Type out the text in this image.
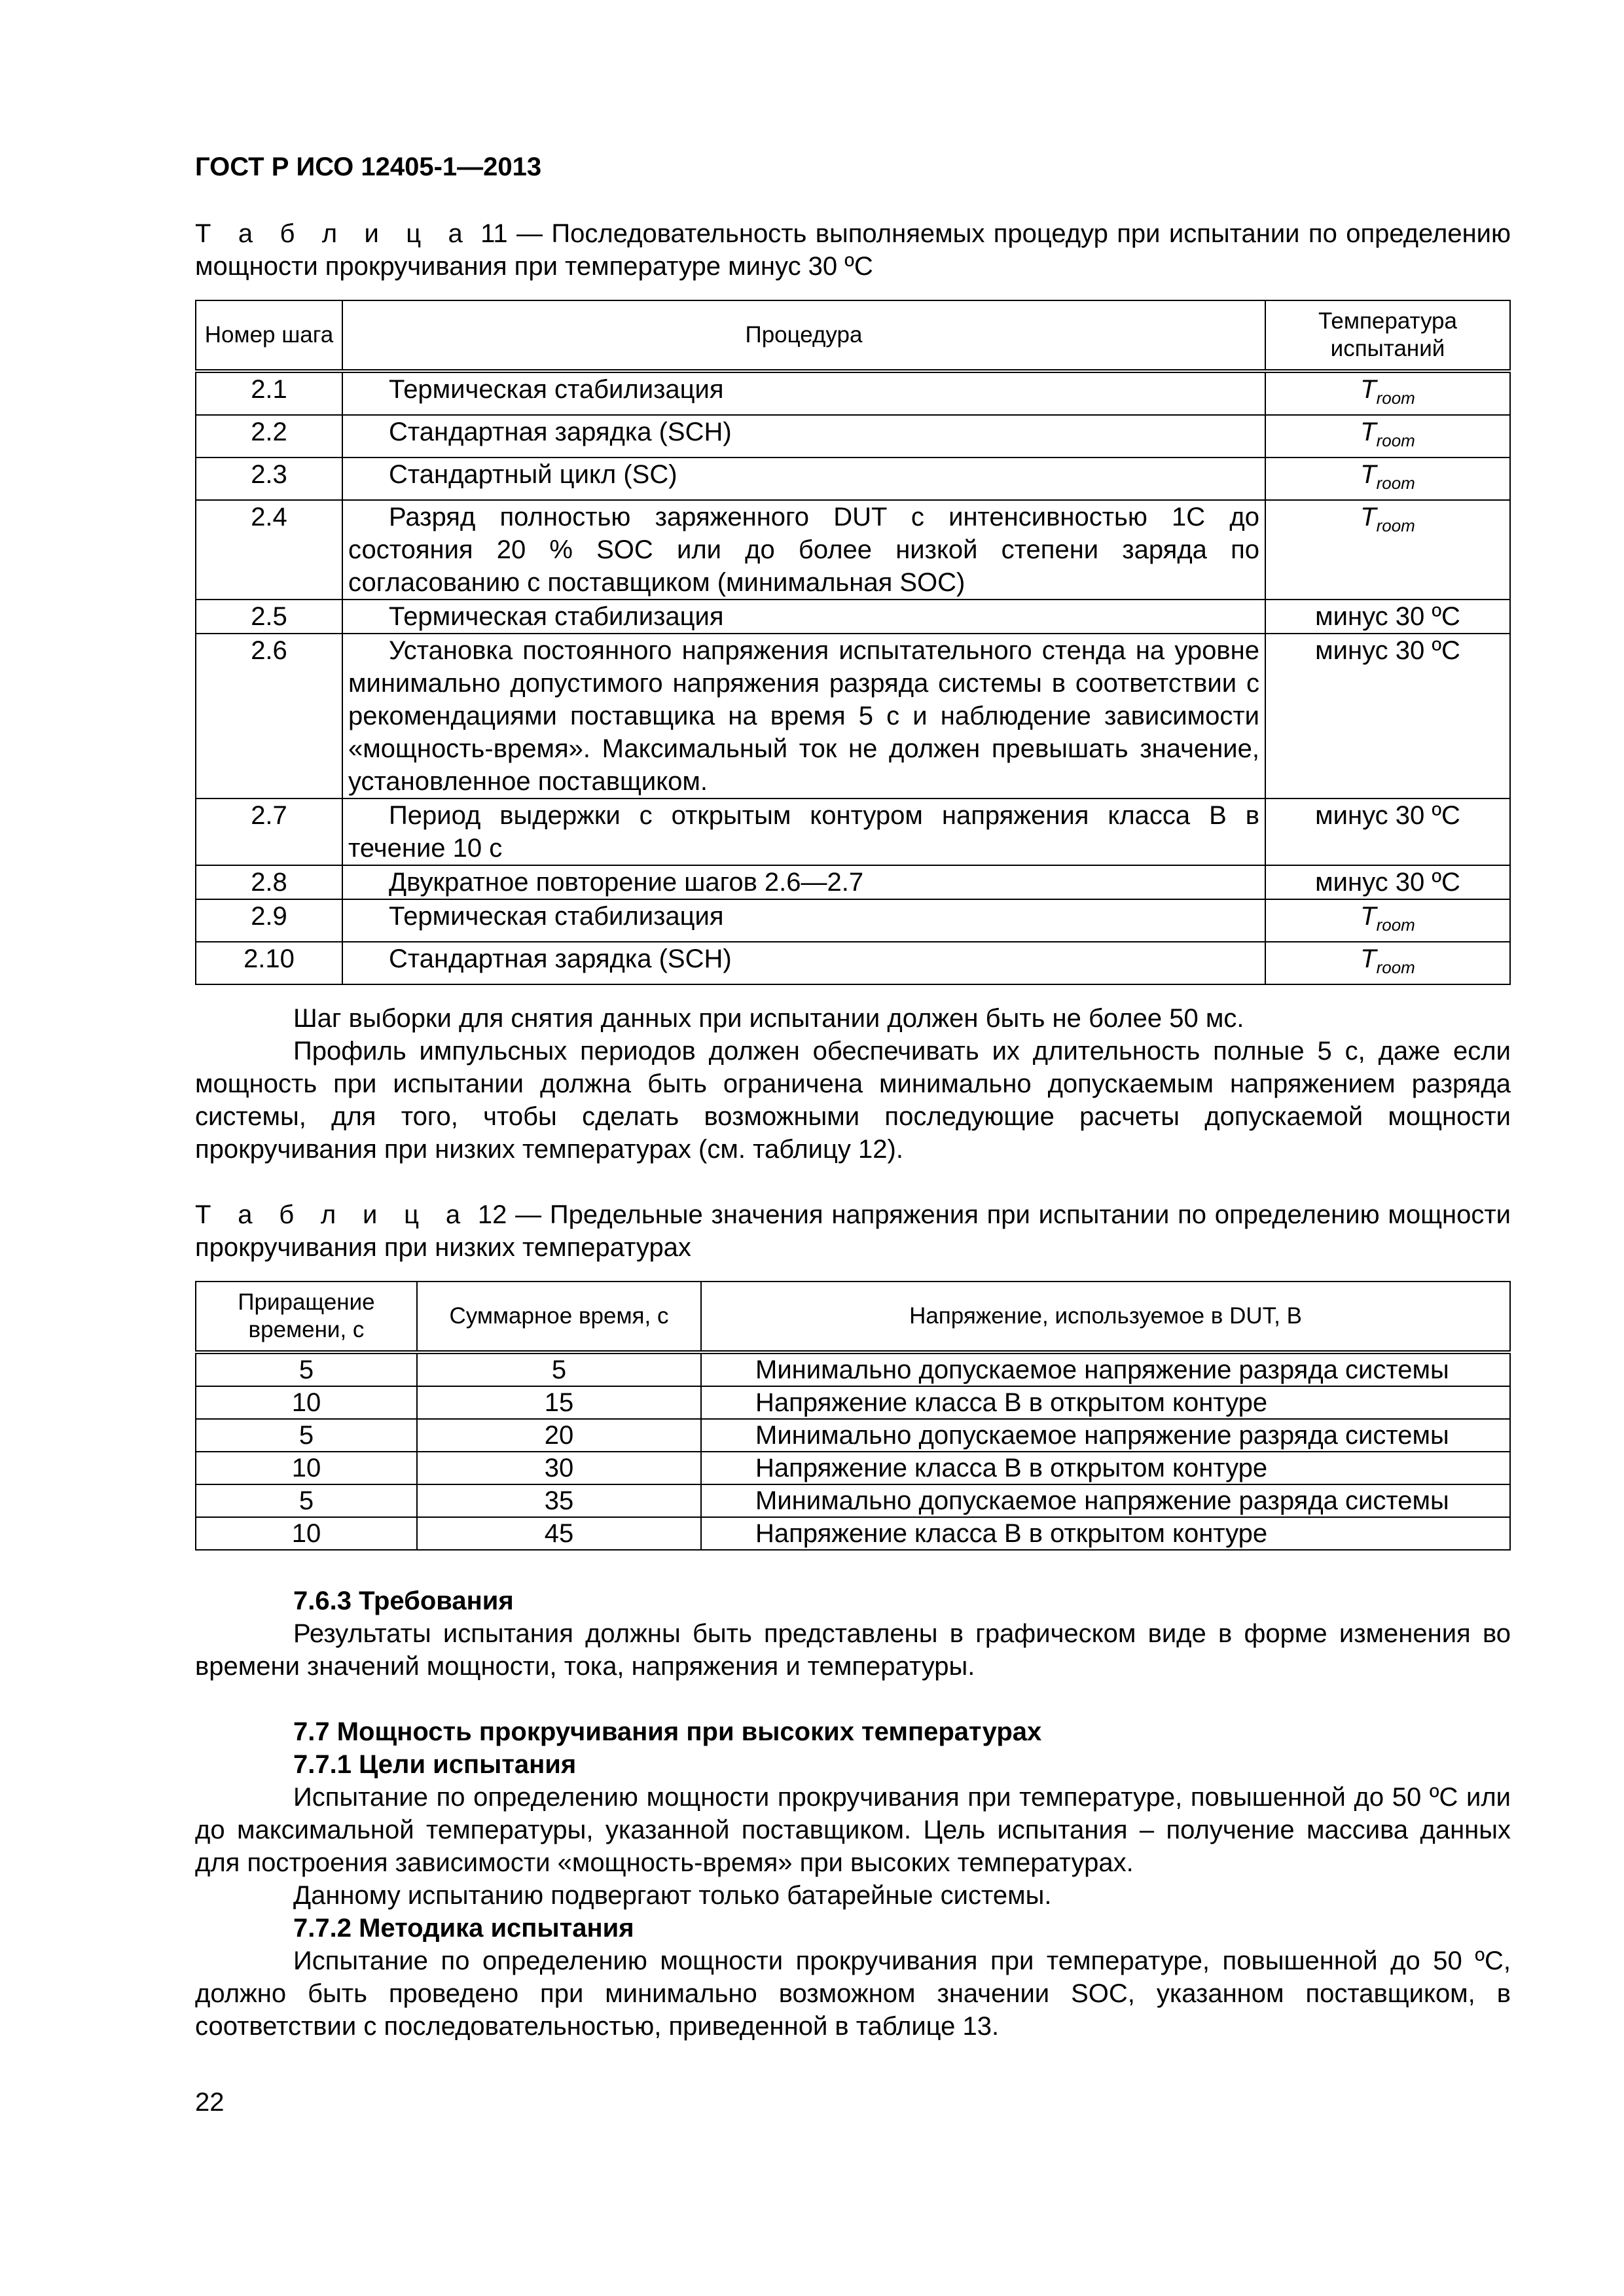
ГОСТ Р ИСО 12405-1—2013

Т а б л и ц а 11 — Последовательность выполняемых процедур при испытании по определению мощности прокручивания при температуре минус 30 ºС

Номер шага	Процедура	Температура испытаний
2.1	Термическая стабилизация	$T_{room}$
2.2	Стандартная зарядка (SCH)	$T_{room}$
2.3	Стандартный цикл (SC)	$T_{room}$
2.4	Разряд полностью заряженного DUT с интенсивностью 1С до состояния 20 % SOC или до более низкой степени заряда по согласованию с поставщиком (минимальная SOC)	$T_{room}$
2.5	Термическая стабилизация	минус 30 ºС
2.6	Установка постоянного напряжения испытательного стенда на уровне минимально допустимого напряжения разряда системы в соответствии с рекомендациями поставщика на время 5 с и наблюдение зависимости «мощность-время». Максимальный ток не должен превышать значение, установленное поставщиком.	минус 30 ºС
2.7	Период выдержки с открытым контуром напряжения класса В в течение 10 с	минус 30 ºС
2.8	Двукратное повторение шагов 2.6—2.7	минус 30 ºС
2.9	Термическая стабилизация	$T_{room}$
2.10	Стандартная зарядка (SCH)	$T_{room}$

Шаг выборки для снятия данных при испытании должен быть не более 50 мс.

Профиль импульсных периодов должен обеспечивать их длительность полные 5 с, даже если мощность при испытании должна быть ограничена минимально допускаемым напряжением разряда системы, для того, чтобы сделать возможными последующие расчеты допускаемой мощности прокручивания при низких температурах (см. таблицу 12).

Т а б л и ц а 12 — Предельные значения напряжения при испытании по определению мощности прокручивания при низких температурах

Приращение времени, с	Суммарное время, с	Напряжение, используемое в DUT, В
5	5	Минимально допускаемое напряжение разряда системы
10	15	Напряжение класса В в открытом контуре
5	20	Минимально допускаемое напряжение разряда системы
10	30	Напряжение класса В в открытом контуре
5	35	Минимально допускаемое напряжение разряда системы
10	45	Напряжение класса В в открытом контуре

7.6.3 Требования

Результаты испытания должны быть представлены в графическом виде в форме изменения во времени значений мощности, тока, напряжения и температуры.

7.7 Мощность прокручивания при высоких температурах

7.7.1 Цели испытания

Испытание по определению мощности прокручивания при температуре, повышенной до 50 ºС или до максимальной температуры, указанной поставщиком. Цель испытания – получение массива данных для построения зависимости «мощность-время» при высоких температурах.

Данному испытанию подвергают только батарейные системы.

7.7.2 Методика испытания

Испытание по определению мощности прокручивания при температуре, повышенной до 50 ºС, должно быть проведено при минимально возможном значении SOC, указанном поставщиком, в соответствии с последовательностью, приведенной в таблице 13.

22
